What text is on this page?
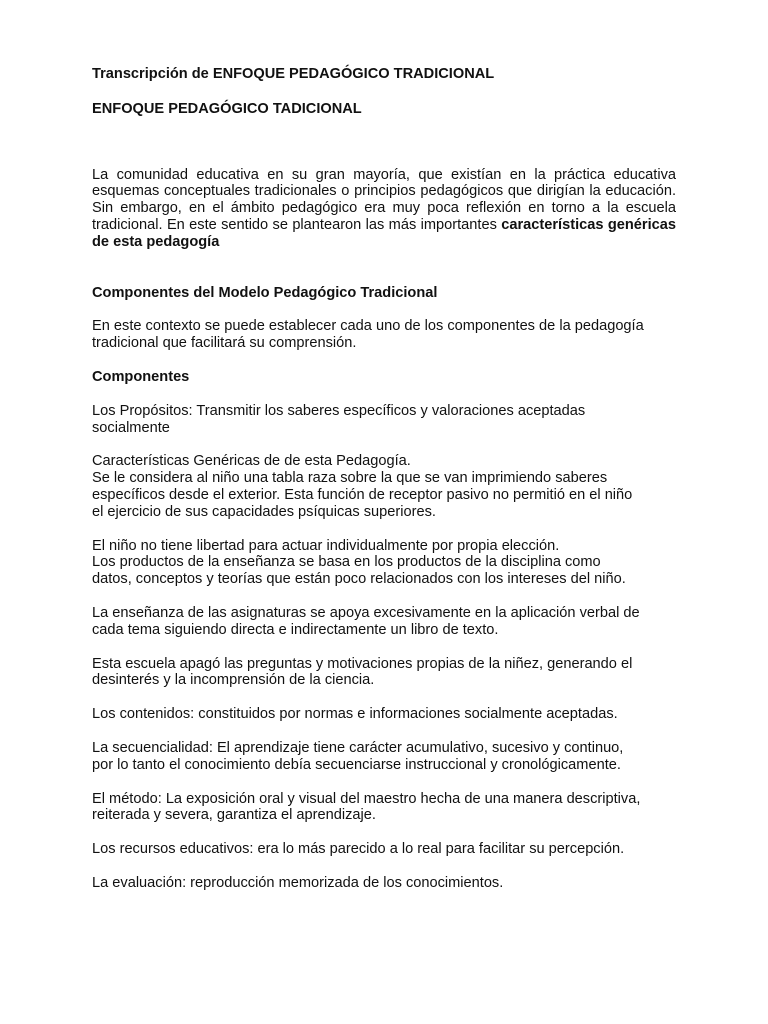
Transcripción de ENFOQUE PEDAGÓGICO TRADICIONAL

ENFOQUE PEDAGÓGICO TADICIONAL

La comunidad educativa en su gran mayoría, que existían en la práctica educativa esquemas conceptuales tradicionales o principios pedagógicos que dirigían la educación. Sin embargo, en el ámbito pedagógico era muy poca reflexión en torno a la escuela tradicional. En este sentido se plantearon las más importantes características genéricas de esta pedagogía

Componentes del Modelo Pedagógico Tradicional

En este contexto se puede establecer cada uno de los componentes de la pedagogía tradicional que facilitará su comprensión.

Componentes

Los Propósitos: Transmitir los saberes específicos y valoraciones aceptadas
socialmente

Características Genéricas de de esta Pedagogía.
Se le considera al niño una tabla raza sobre la que se van imprimiendo saberes
específicos desde el exterior. Esta función de receptor pasivo no permitió en el niño
el ejercicio de sus capacidades psíquicas superiores.

El niño no tiene libertad para actuar individualmente por propia elección.
Los productos de la enseñanza se basa en los productos de la disciplina como
datos, conceptos y teorías que están poco relacionados con los intereses del niño.

La enseñanza de las asignaturas se apoya excesivamente en la aplicación verbal de
cada tema siguiendo directa e indirectamente un libro de texto.

Esta escuela apagó las preguntas y motivaciones propias de la niñez, generando el
desinterés y la incomprensión de la ciencia.

Los contenidos: constituidos por normas e informaciones socialmente aceptadas.

La secuencialidad: El aprendizaje tiene carácter acumulativo, sucesivo y continuo,
por lo tanto el conocimiento debía secuenciarse instruccional y cronológicamente.

El método: La exposición oral y visual del maestro hecha de una manera descriptiva,
reiterada y severa, garantiza el aprendizaje.

Los recursos educativos: era lo más parecido a lo real para facilitar su percepción.

La evaluación: reproducción memorizada de los conocimientos.
